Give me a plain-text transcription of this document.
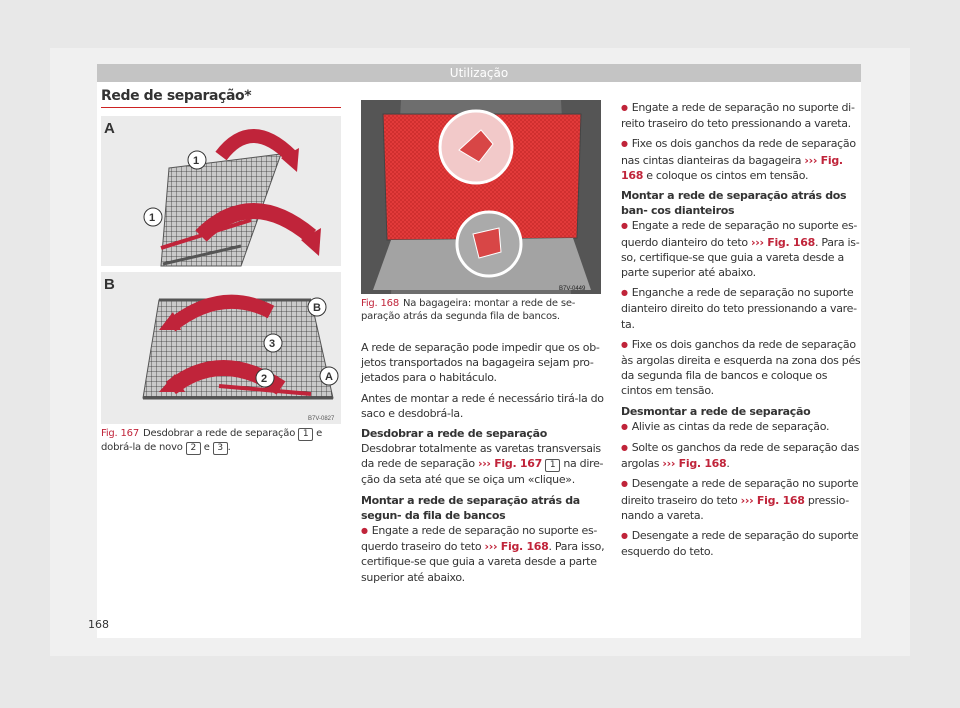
Utilização
Rede de separação*
A
1
1
B
B
3
2	A
B7V-0827
Fig. 167 Desdobrar a rede de separação 1 e dobrá-la de novo 2 e 3 .
B7V-0449
Fig. 168 Na bagageira: montar a rede de se- paração atrás da segunda fila de bancos.

A rede de separação pode impedir que os ob- jetos transportados na bagageira sejam pro- jetados para o habitáculo.

Antes de montar a rede é necessário tirá-la do saco e desdobrá-la.

Desdobrar a rede de separação

Desdobrar totalmente as varetas transversais da rede de separação ››› Fig. 167 1 na dire- ção da seta até que se oiça um «clique».

Montar a rede de separação atrás da segun- da fila de bancos

● Engate a rede de separação no suporte es- querdo traseiro do teto ››› Fig. 168. Para isso, certifique-se que guia a vareta desde a parte superior até abaixo.

● Engate a rede de separação no suporte di- reito traseiro do teto pressionando a vareta.

● Fixe os dois ganchos da rede de separação nas cintas dianteiras da bagageira ››› Fig. 168 e coloque os cintos em tensão.

Montar a rede de separação atrás dos ban- cos dianteiros

● Engate a rede de separação no suporte es- querdo dianteiro do teto ››› Fig. 168. Para is- so, certifique-se que guia a vareta desde a parte superior até abaixo.

● Enganche a rede de separação no suporte dianteiro direito do teto pressionando a vare- ta.

● Fixe os dois ganchos da rede de separação às argolas direita e esquerda na zona dos pés da segunda fila de bancos e coloque os cintos em tensão.

Desmontar a rede de separação

● Alivie as cintas da rede de separação.

● Solte os ganchos da rede de separação das argolas ››› Fig. 168.

● Desengate a rede de separação no suporte direito traseiro do teto ››› Fig. 168 pressio- nando a vareta.

● Desengate a rede de separação do suporte esquerdo do teto.

168
